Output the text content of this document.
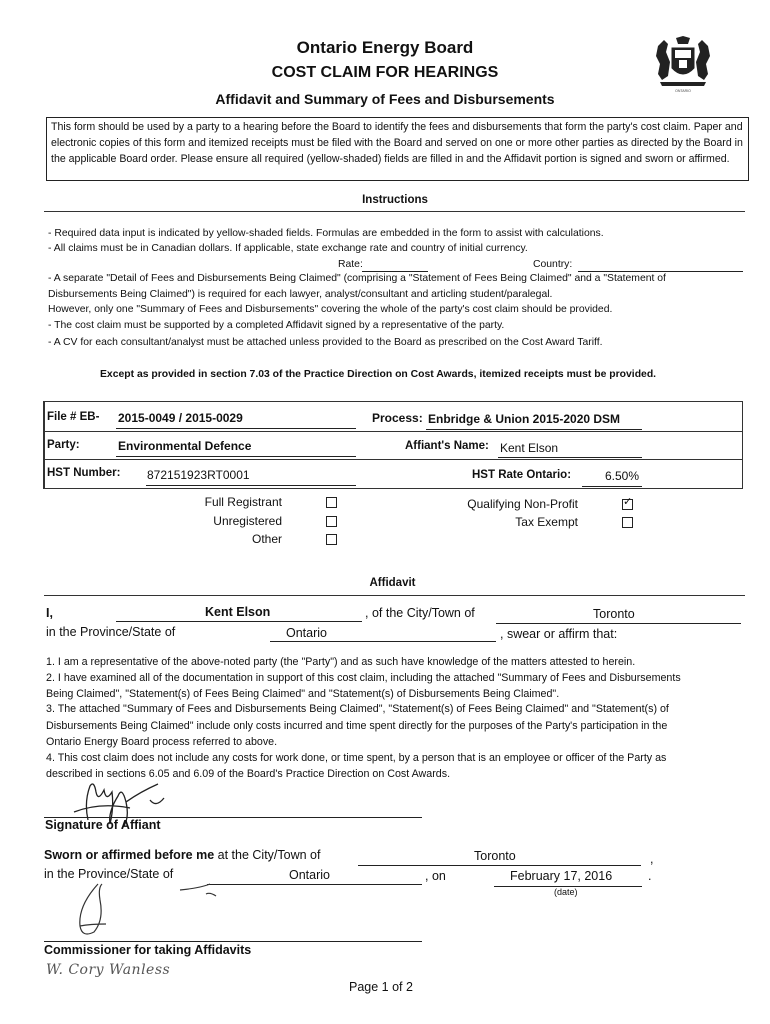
ONTARIO
Ontario Energy Board
COST CLAIM FOR HEARINGS
Affidavit and Summary of Fees and Disbursements
This form should be used by a party to a hearing before the Board to identify the fees and disbursements that form the party's cost claim. Paper and electronic copies of this form and itemized receipts must be filed with the Board and served on one or more other parties as directed by the Board in the applicable Board order. Please ensure all required (yellow-shaded) fields are filled in and the Affidavit portion is signed and sworn or affirmed.
Instructions
- Required data input is indicated by yellow-shaded fields. Formulas are embedded in the form to assist with calculations.
- All claims must be in Canadian dollars. If applicable, state exchange rate and country of initial currency.
Rate:	Country:
- A separate "Detail of Fees and Disbursements Being Claimed" (comprising a "Statement of Fees Being Claimed" and a "Statement of
Disbursements Being Claimed") is required for each lawyer, analyst/consultant and articling student/paralegal.
However, only one "Summary of Fees and Disbursements" covering the whole of the party's cost claim should be provided.
- The cost claim must be supported by a completed Affidavit signed by a representative of the party.
- A CV for each consultant/analyst must be attached unless provided to the Board as prescribed on the Cost Award Tariff.
Except as provided in section 7.03 of the Practice Direction on Cost Awards, itemized receipts must be provided.
File # EB- 2015-0049 / 2015-0029	Process: Enbridge & Union 2015-2020 DSM
Party:	Environmental Defence	Affiant's Name: Kent Elson
HST Number: 872151923RT0001	HST Rate Ontario:	6.50%
Full Registrant
Unregistered
Other
Qualifying Non-Profit	✓
Tax Exempt
Affidavit
I,	Kent Elson	, of the City/Town of	Toronto
in the Province/State of	Ontario	, swear or affirm that:
1. I am a representative of the above-noted party (the "Party") and as such have knowledge of the matters attested to herein.
2. I have examined all of the documentation in support of this cost claim, including the attached "Summary of Fees and Disbursements
Being Claimed", "Statement(s) of Fees Being Claimed" and "Statement(s) of Disbursements Being Claimed".
3. The attached "Summary of Fees and Disbursements Being Claimed", "Statement(s) of Fees Being Claimed" and "Statement(s) of
Disbursements Being Claimed" include only costs incurred and time spent directly for the purposes of the Party's participation in the
Ontario Energy Board process referred to above.
4. This cost claim does not include any costs for work done, or time spent, by a person that is an employee or officer of the Party as
described in sections 6.05 and 6.09 of the Board's Practice Direction on Cost Awards.
Signature of Affiant
Sworn or affirmed before me at the City/Town of	Toronto	,
in the Province/State of	Ontario	, on	February 17, 2016	.
(date)
Commissioner for taking Affidavits
W. Cory Wanless
Page 1 of 2
